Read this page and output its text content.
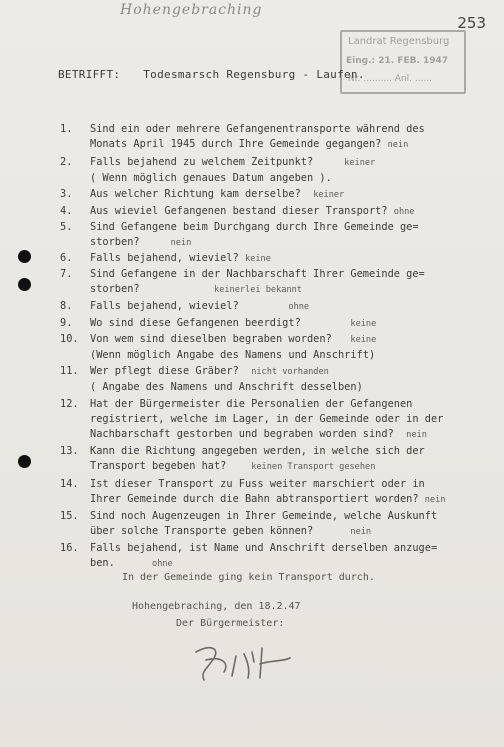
Hohengebraching
253
Landrat Regensburg
Eing.: 21. FEB. 1947
Nr. .......... Anl. ......
BETRIFFT: Todesmarsch Regensburg - Laufen.

1.

	Sind ein oder mehrere Gefangenentransporte während des
Monats April 1945 durch Ihre Gemeinde gegangen? nein

2.

	Falls bejahend zu welchem Zeitpunkt?	keiner
( Wenn möglich genaues Datum angeben ).

3.

	Aus welcher Richtung kam derselbe? keiner

4.

	Aus wieviel Gefangenen bestand dieser Transport? ohne

5.

	Sind Gefangene beim Durchgang durch Ihre Gemeinde ge=
storben?	nein

6.

	Falls bejahend, wieviel? keine

7.

	Sind Gefangene in der Nachbarschaft Ihrer Gemeinde ge=
storben?	keinerlei bekannt

8.

	Falls bejahend, wieviel?	ohne

9.

	Wo sind diese Gefangenen beerdigt?	keine

10.

	Von wem sind dieselben begraben worden? keine
(Wenn möglich Angabe des Namens und Anschrift)

11.

	Wer pflegt diese Gräber? nicht vorhanden
( Angabe des Namens und Anschrift desselben)

12.

	Hat der Bürgermeister die Personalien der Gefangenen
registriert, welche im Lager, in der Gemeinde oder in der
Nachbarschaft gestorben und begraben worden sind? nein

13.

	Kann die Richtung angegeben werden, in welche sich der
Transport begeben hat?	keinen Transport gesehen

14.

	Ist dieser Transport zu Fuss weiter marschiert oder in
Ihrer Gemeinde durch die Bahn abtransportiert worden? nein

15.

	Sind noch Augenzeugen in Ihrer Gemeinde, welche Auskunft
über solche Transporte geben können?	nein

16.

	Falls bejahend, ist Name und Anschrift derselben anzuge=
ben.	ohne

In der Gemeinde ging kein Transport durch.
Hohengebraching, den 18.2.47
Der Bürgermeister:
